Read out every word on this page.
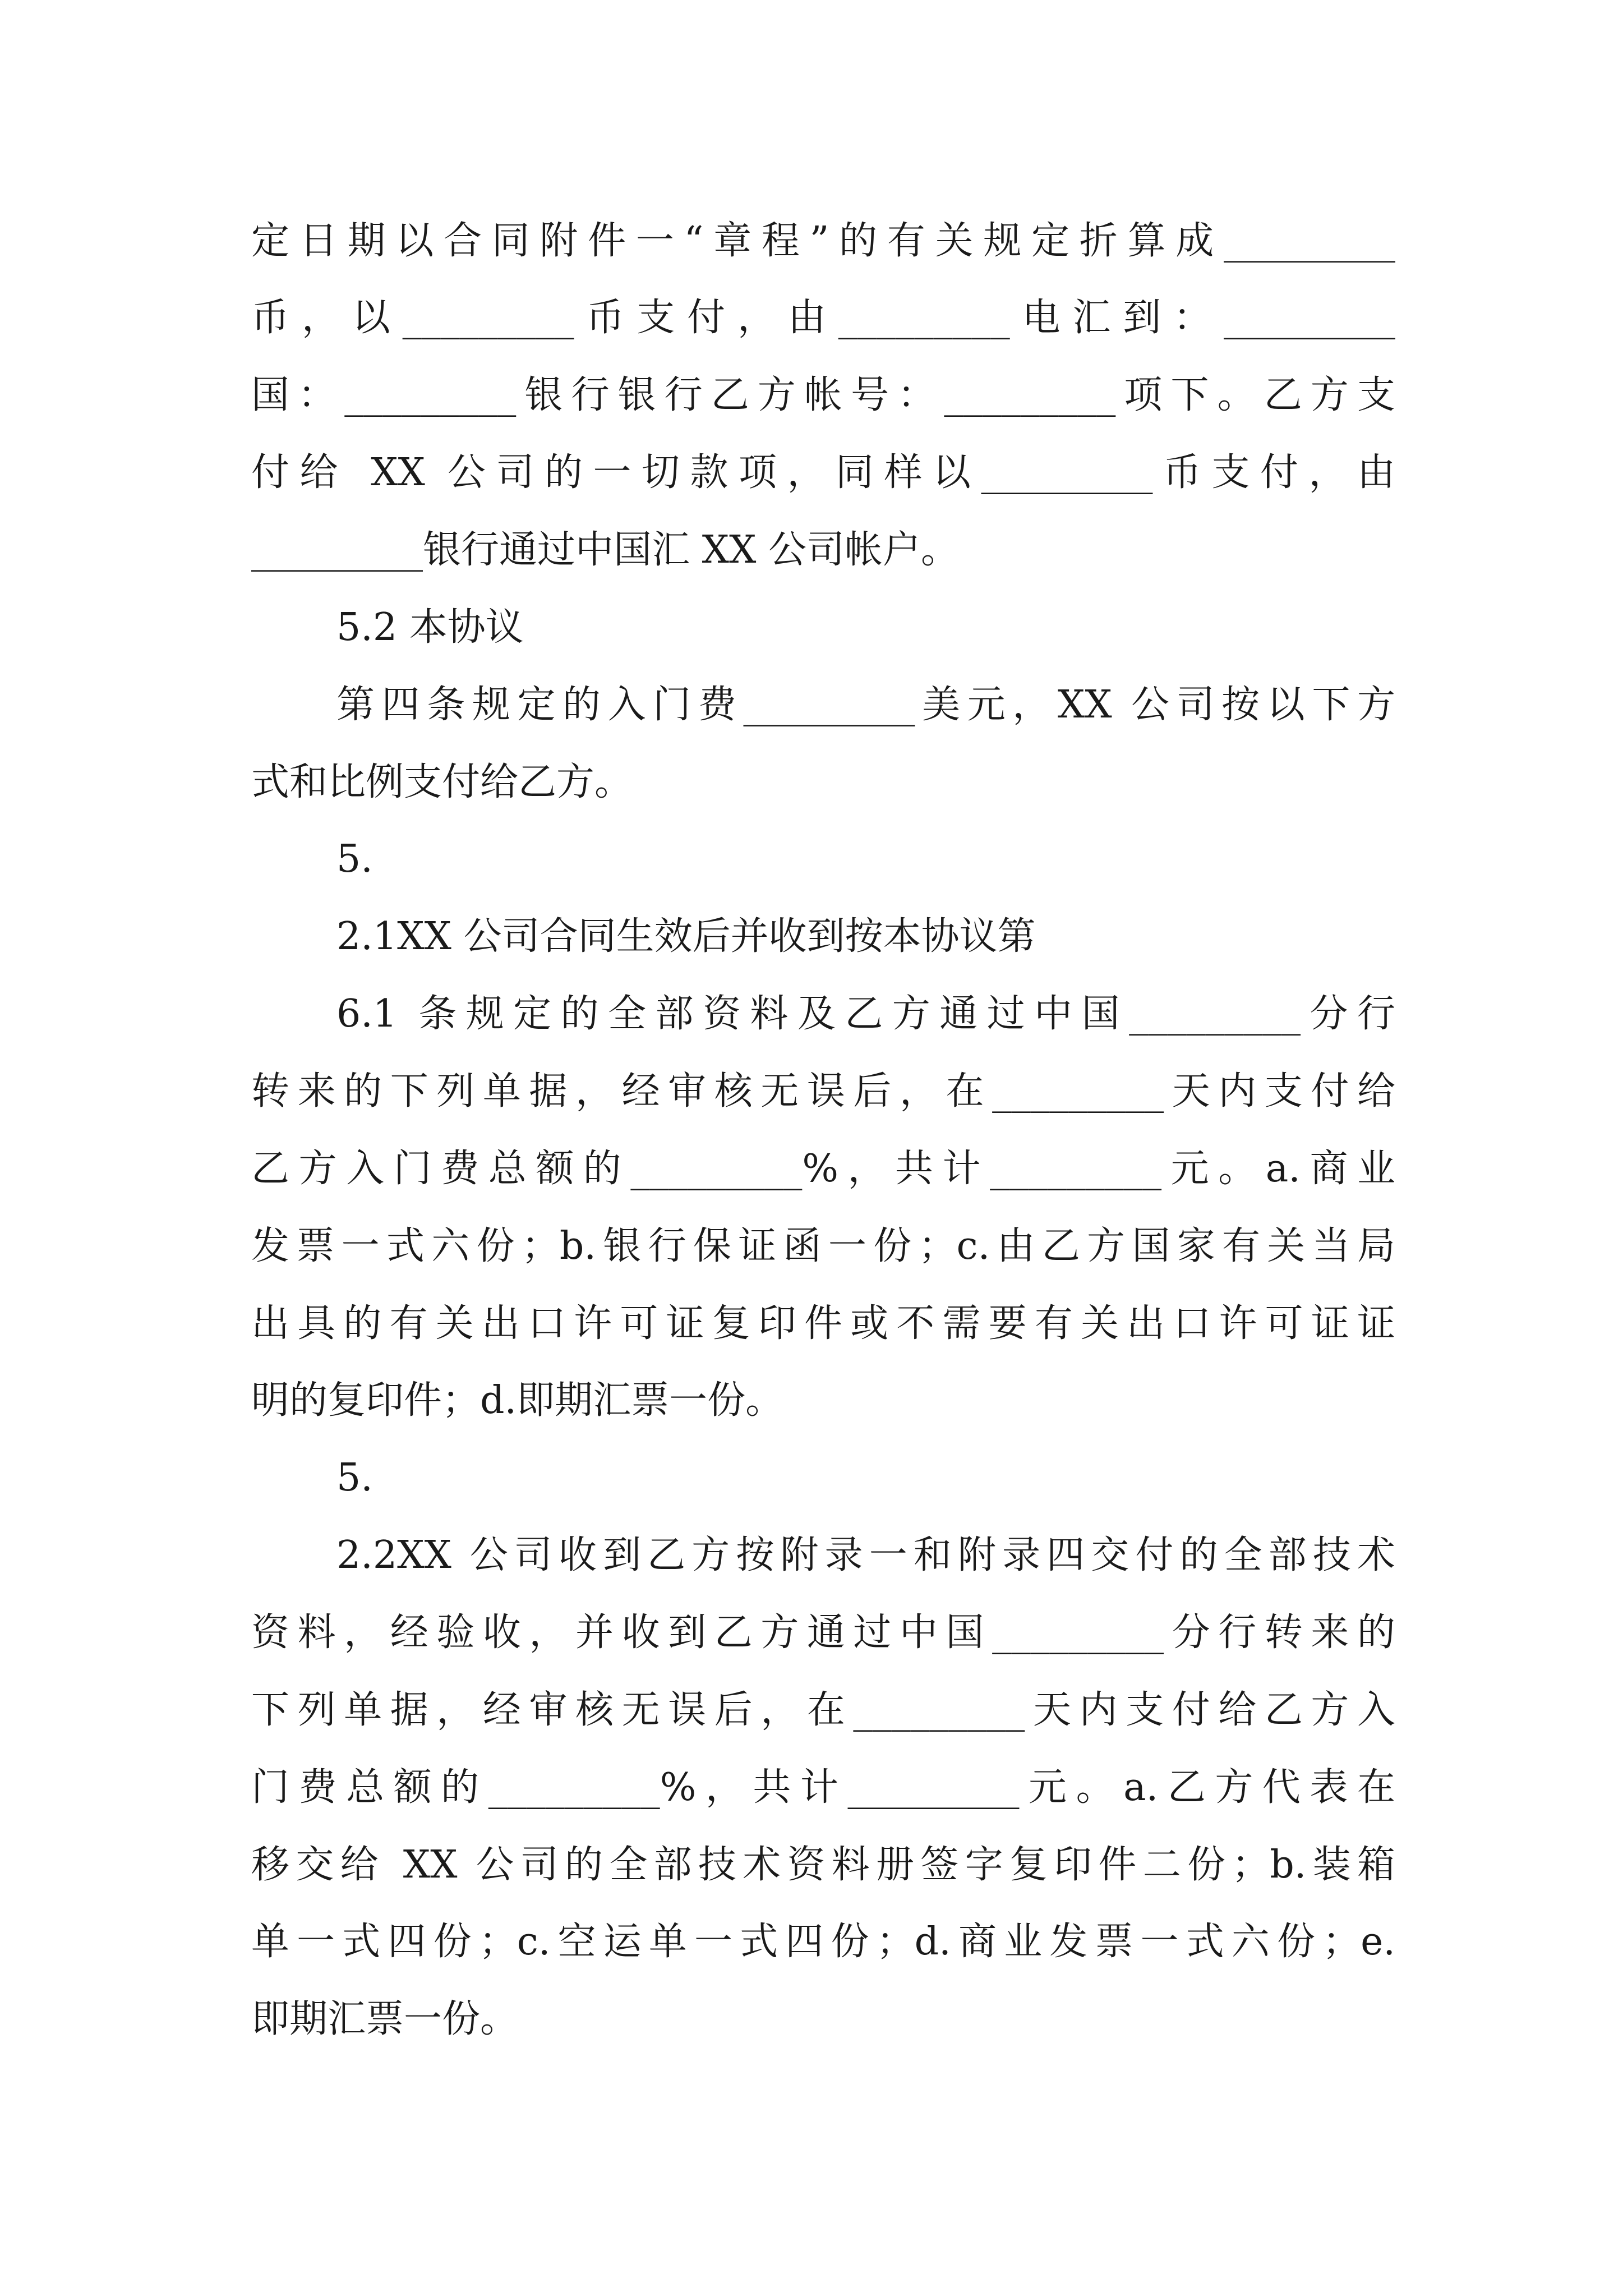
定日期以合同附件一“章程”的有关规定折算成_________
币，以_________币支付，由_________电汇到：_________
国：_________银行银行乙方帐号：_________项下。乙方支
付给 XX 公司的一切款项，同样以_________币支付，由
_________银行通过中国汇 XX 公司帐户。
5.2 本协议
第四条规定的入门费_________美元，XX 公司按以下方
式和比例支付给乙方。
5.
2.1XX 公司合同生效后并收到按本协议第
6.1 条规定的全部资料及乙方通过中国_________分行
转来的下列单据，经审核无误后，在_________天内支付给
乙方入门费总额的_________%，共计_________元。a.商业
发票一式六份；b.银行保证函一份；c.由乙方国家有关当局
出具的有关出口许可证复印件或不需要有关出口许可证证
明的复印件；d.即期汇票一份。
5.
2.2XX 公司收到乙方按附录一和附录四交付的全部技术
资料，经验收，并收到乙方通过中国_________分行转来的
下列单据，经审核无误后，在_________天内支付给乙方入
门费总额的_________%，共计_________元。a.乙方代表在
移交给 XX 公司的全部技术资料册签字复印件二份；b.装箱
单一式四份；c.空运单一式四份；d.商业发票一式六份；e.
即期汇票一份。
